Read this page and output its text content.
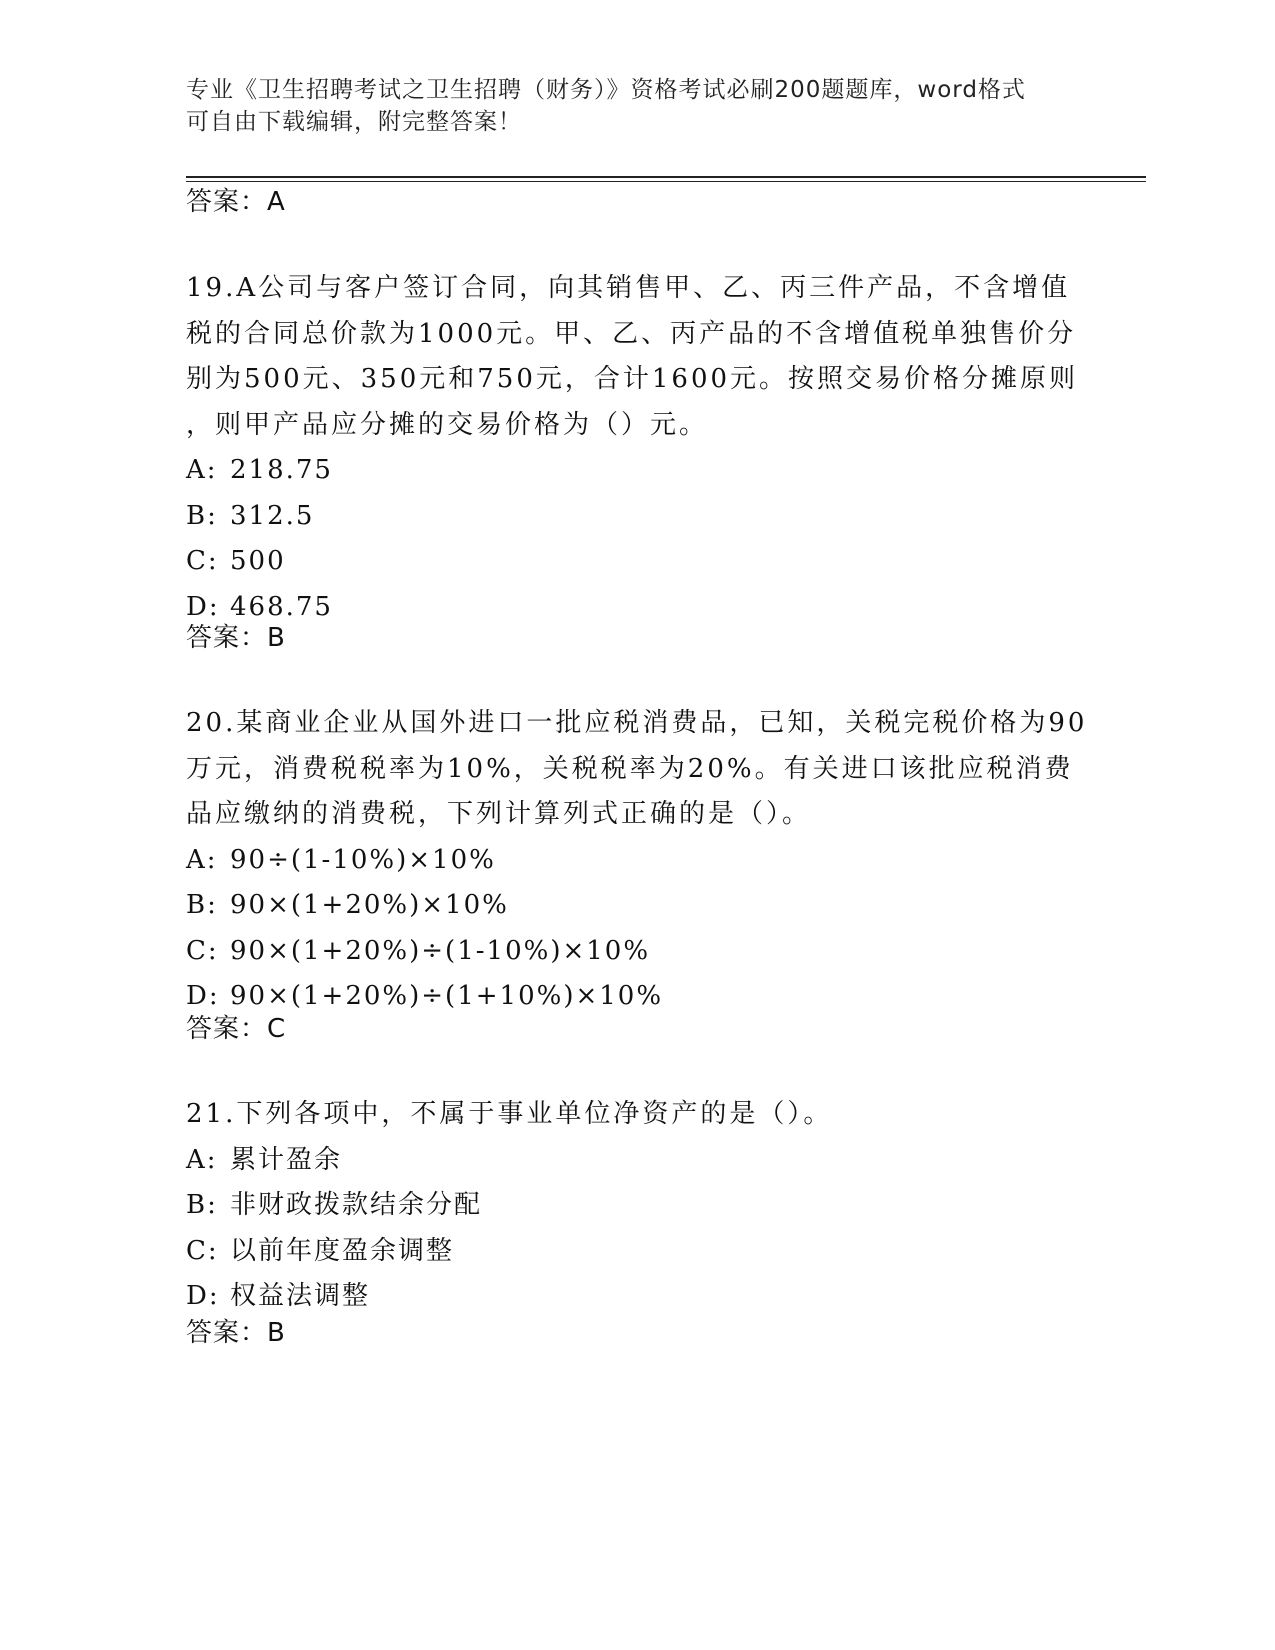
专业《卫生招聘考试之卫生招聘（财务）》资格考试必刷200题题库，word格式
可自由下载编辑，附完整答案！
答案：A
19.A公司与客户签订合同，向其销售甲、乙、丙三件产品，不含增值
税的合同总价款为1000元。甲、乙、丙产品的不含增值税单独售价分
别为500元、350元和750元，合计1600元。按照交易价格分摊原则
，则甲产品应分摊的交易价格为（）元。
A: 218.75
B: 312.5
C: 500
D: 468.75
答案：B
20.某商业企业从国外进口一批应税消费品，已知，关税完税价格为90
万元，消费税税率为10%，关税税率为20%。有关进口该批应税消费
品应缴纳的消费税，下列计算列式正确的是（）。
A: 90÷(1-10%)×10%
B: 90×(1+20%)×10%
C: 90×(1+20%)÷(1-10%)×10%
D: 90×(1+20%)÷(1+10%)×10%
答案：C
21.下列各项中，不属于事业单位净资产的是（）。
A: 累计盈余
B: 非财政拨款结余分配
C: 以前年度盈余调整
D: 权益法调整
答案：B
